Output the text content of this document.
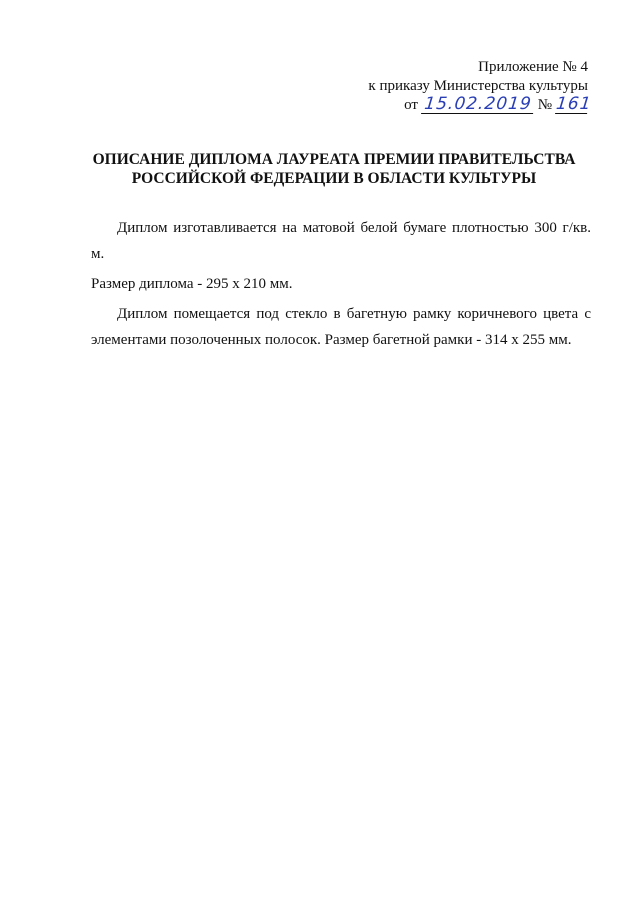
Приложение № 4
к приказу Министерства культуры
от 15.02.2019 № 161
ОПИСАНИЕ ДИПЛОМА ЛАУРЕАТА ПРЕМИИ ПРАВИТЕЛЬСТВА
РОССИЙСКОЙ ФЕДЕРАЦИИ В ОБЛАСТИ КУЛЬТУРЫ

Диплом изготавливается на матовой белой бумаге плотностью 300 г/кв. м.

Размер диплома - 295 х 210 мм.

Диплом помещается под стекло в багетную рамку коричневого цвета с элементами позолоченных полосок. Размер багетной рамки - 314 х 255 мм.
